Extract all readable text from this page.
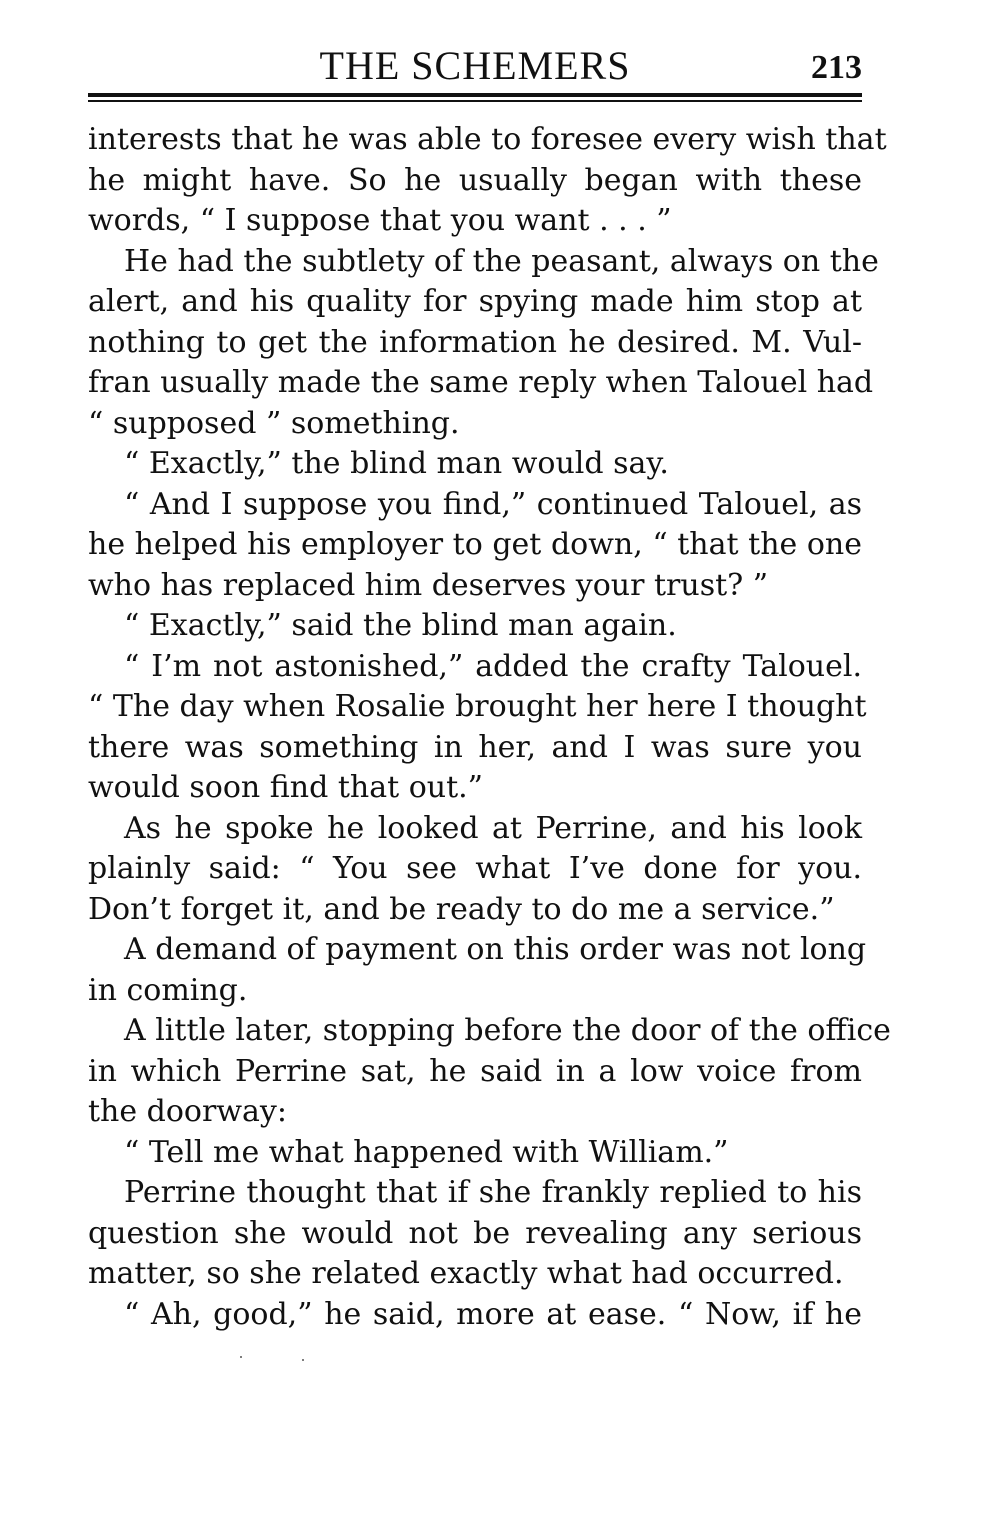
THE SCHEMERS	213
interests that he was able to foresee every wish that
he might have. So he usually began with these
words, “ I suppose that you want . . . ”
He had the subtlety of the peasant, always on the
alert, and his quality for spying made him stop at
nothing to get the information he desired. M. Vul-
fran usually made the same reply when Talouel had
“ supposed ” something.
“ Exactly,” the blind man would say.
“ And I suppose you find,” continued Talouel, as
he helped his employer to get down, “ that the one
who has replaced him deserves your trust? ”
“ Exactly,” said the blind man again.
“ I’m not astonished,” added the crafty Talouel.
“ The day when Rosalie brought her here I thought
there was something in her, and I was sure you
would soon find that out.”
As he spoke he looked at Perrine, and his look
plainly said: “ You see what I’ve done for you.
Don’t forget it, and be ready to do me a service.”
A demand of payment on this order was not long
in coming.
A little later, stopping before the door of the office
in which Perrine sat, he said in a low voice from
the doorway:
“ Tell me what happened with William.”
Perrine thought that if she frankly replied to his
question she would not be revealing any serious
matter, so she related exactly what had occurred.
“ Ah, good,” he said, more at ease. “ Now, if he
